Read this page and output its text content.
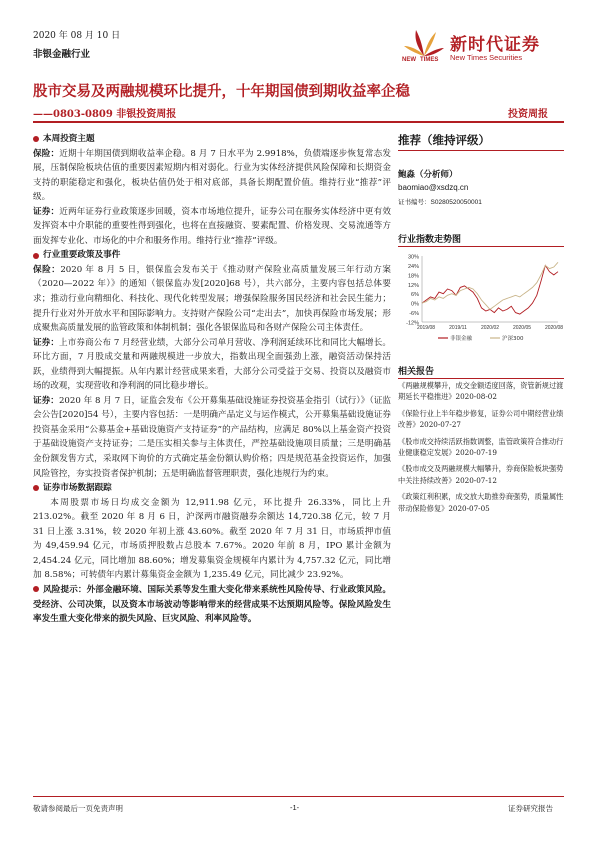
2020 年 08 月 10 日
非银金融行业	NEW TIMES
新时代证券
New Times Securities
股市交易及两融规模环比提升，十年期国债到期收益率企稳
——0803-0809 非银投资周报	投资周报
本周投资主题
保险：近期十年期国债到期收益率企稳。8 月 7 日水平为 2.9918%，负债端逐步恢复常态发展，压制保险板块估值的重要因素短期内相对弱化。行业为实体经济提供风险保障和长期资金支持的职能稳定和强化，板块估值仍处于相对底部，具备长期配置价值。维持行业“推荐”评级。
证券：近两年证券行业政策逐步回暖，资本市场地位提升，证券公司在服务实体经济中更有效发挥资本中介职能的重要性得到强化，也将在直接融资、要素配置、价格发现、交易流通等方面发挥专业化、市场化的中介和服务作用。维持行业“推荐”评级。
行业重要政策及事件
保险：2020 年 8 月 5 日，银保监会发布关于《推动财产保险业高质量发展三年行动方案（2020—2022 年）》的通知（银保监办发[2020]68 号），共六部分，主要内容包括总体要求；推动行业向精细化、科技化、现代化转型发展；增强保险服务国民经济和社会民生能力；提升行业对外开放水平和国际影响力。支持财产保险公司“走出去”，加快再保险市场发展；形成聚焦高质量发展的监管政策和体制机制；强化各银保监局和各财产保险公司主体责任。
证券：上市券商公布 7 月经营业绩，大部分公司单月营收、净利润延续环比和同比大幅增长。环比方面，7 月股成交量和两融规模进一步放大，指数出现全面强劲上涨，融资活动保持活跃，业绩得到大幅提振。从年内累计经营成果来看，大部分公司受益于交易、投资以及融资市场的改观，实现营收和净利润的同比稳步增长。
证券：2020 年 8 月 7 日，证监会发布《公开募集基础设施证券投资基金指引（试行）》（证监会公告[2020]54 号），主要内容包括：一是明确产品定义与运作模式，公开募集基础设施证券投资基金采用“公募基金+基础设施资产支持证券”的产品结构，应满足 80%以上基金资产投资于基础设施资产支持证券；二是压实相关参与主体责任，严控基础设施项目质量；三是明确基金份额发售方式，采取网下询价的方式确定基金份额认购价格；四是规范基金投资运作，加强风险管控，夯实投资者保护机制；五是明确监督管理职责，强化违规行为约束。
证券市场数据跟踪
本周股票市场日均成交金额为 12,911.98 亿元，环比提升 26.33%，同比上升 213.02%。截至 2020 年 8 月 6 日，沪深两市融资融券余额达 14,720.38 亿元，较 7 月 31 日上涨 3.31%，较 2020 年初上涨 43.60%。截至 2020 年 7 月 31 日，市场质押市值为 49,459.94 亿元，市场质押股数占总股本 7.67%。2020 年前 8 月，IPO 累计金额为 2,454.24 亿元，同比增加 88.60%；增发募集资金规模年内累计为 4,757.32 亿元，同比增加 8.58%；可转债年内累计募集资金金额为 1,235.49 亿元，同比减少 23.92%。
风险提示：外部金融环境、国际关系等发生重大变化带来系统性风险传导、行业政策风险。受经济、公司决策，以及资本市场波动等影响带来的经营成果不达预期风险等。保险风险发生率发生重大变化带来的损失风险、巨灾风险、利率风险等。
推荐（维持评级）
鲍淼（分析师）
baomiao@xsdzq.cn
证书编号：S0280520050001
行业指数走势图
30%
24%
18%
12%
6%
0%
-6%
-12%
2019/08	2019/11	2020/02	2020/05	2020/08
非银金融	沪深300
相关报告
《两融规模攀升，成交金额适度回落，资管新规过渡期延长平稳推进》2020-08-02
《保险行业上半年稳步修复，证券公司中期经营业绩改善》2020-07-27
《股市成交持续活跃指数调整，监管政策符合推动行业健康稳定发展》2020-07-19
《股市成交及两融规模大幅攀升，券商保险板块强势中关注持续改善》2020-07-12
《政策红利积累，成交放大助推券商强势，质量属性带动保险修复》2020-07-05
敬请参阅最后一页免责声明	-1-	证券研究报告
